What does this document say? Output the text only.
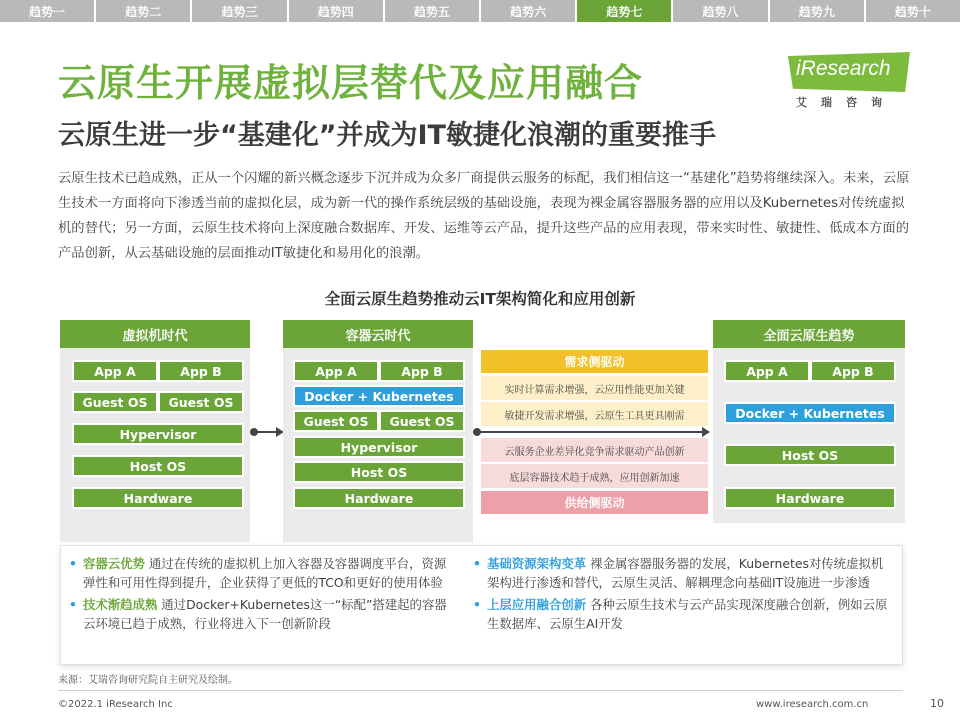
趋势一	趋势二	趋势三	趋势四	趋势五	趋势六	趋势七	趋势八	趋势九	趋势十
云原生开展虚拟层替代及应用融合
云原生进一步“基建化”并成为IT敏捷化浪潮的重要推手
iResearch
艾瑞咨询
云原生技术已趋成熟，正从一个闪耀的新兴概念逐步下沉并成为众多厂商提供云服务的标配，我们相信这一“基建化”趋势将继续深入。未来，云原生技术一方面将向下渗透当前的虚拟化层，成为新一代的操作系统层级的基础设施，表现为裸金属容器服务器的应用以及Kubernetes对传统虚拟机的替代；另一方面，云原生技术将向上深度融合数据库、开发、运维等云产品，提升这些产品的应用表现，带来实时性、敏捷性、低成本方面的产品创新，从云基础设施的层面推动IT敏捷化和易用化的浪潮。
全面云原生趋势推动云IT架构简化和应用创新
虚拟机时代
App A	App B
Guest OS	Guest OS
Hypervisor
Host OS
Hardware
容器云时代
App A	App B
Docker + Kubernetes
Guest OS	Guest OS
Hypervisor
Host OS
Hardware
需求侧驱动
实时计算需求增强，云应用性能更加关键
敏捷开发需求增强，云原生工具更具刚需
云服务企业差异化竞争需求驱动产品创新
底层容器技术趋于成熟，应用创新加速
供给侧驱动
全面云原生趋势
App A	App B
Docker + Kubernetes
Host OS
Hardware
• 容器云优势 通过在传统的虚拟机上加入容器及容器调度平台，资源弹性和可用性得到提升，企业获得了更低的TCO和更好的使用体验
• 技术渐趋成熟 通过Docker+Kubernetes这一“标配”搭建起的容器云环境已趋于成熟，行业将进入下一创新阶段
• 基础资源架构变革 裸金属容器服务器的发展，Kubernetes对传统虚拟机架构进行渗透和替代，云原生灵活、解耦理念向基础IT设施进一步渗透
• 上层应用融合创新 各种云原生技术与云产品实现深度融合创新，例如云原生数据库、云原生AI开发
来源：艾瑞咨询研究院自主研究及绘制。
©2022.1 iResearch Inc	www.iresearch.com.cn	10
